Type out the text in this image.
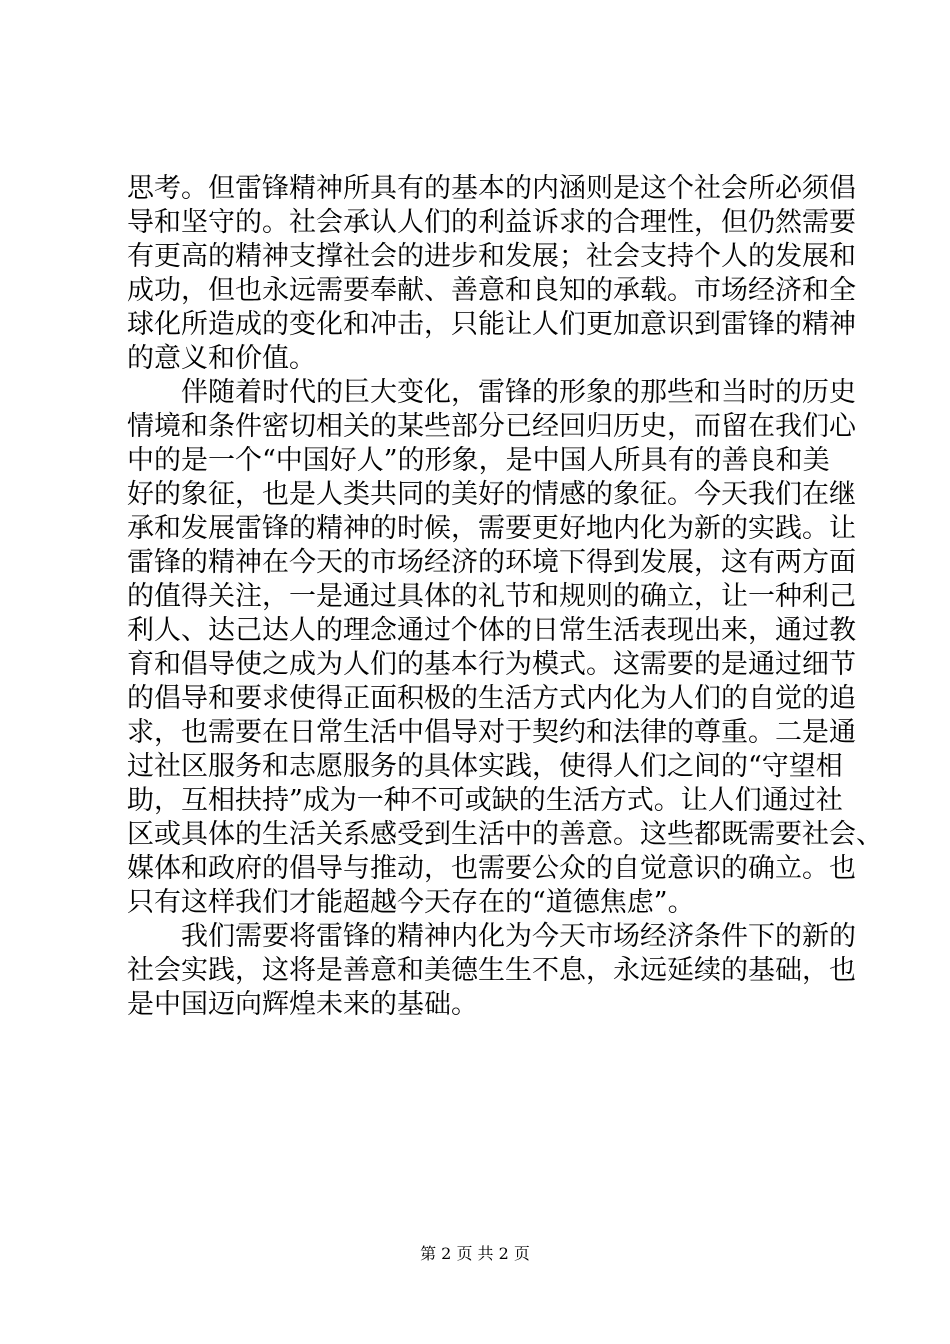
思考。但雷锋精神所具有的基本的内涵则是这个社会所必须倡
导和坚守的。社会承认人们的利益诉求的合理性，但仍然需要
有更高的精神支撑社会的进步和发展；社会支持个人的发展和
成功，但也永远需要奉献、善意和良知的承载。市场经济和全
球化所造成的变化和冲击，只能让人们更加意识到雷锋的精神
的意义和价值。
伴随着时代的巨大变化，雷锋的形象的那些和当时的历史
情境和条件密切相关的某些部分已经回归历史，而留在我们心
中的是一个“中国好人”的形象，是中国人所具有的善良和美
好的象征，也是人类共同的美好的情感的象征。今天我们在继
承和发展雷锋的精神的时候，需要更好地内化为新的实践。让
雷锋的精神在今天的市场经济的环境下得到发展，这有两方面
的值得关注，一是通过具体的礼节和规则的确立，让一种利己
利人、达己达人的理念通过个体的日常生活表现出来，通过教
育和倡导使之成为人们的基本行为模式。这需要的是通过细节
的倡导和要求使得正面积极的生活方式内化为人们的自觉的追
求，也需要在日常生活中倡导对于契约和法律的尊重。二是通
过社区服务和志愿服务的具体实践，使得人们之间的“守望相
助，互相扶持”成为一种不可或缺的生活方式。让人们通过社
区或具体的生活关系感受到生活中的善意。这些都既需要社会、
媒体和政府的倡导与推动，也需要公众的自觉意识的确立。也
只有这样我们才能超越今天存在的“道德焦虑”。
我们需要将雷锋的精神内化为今天市场经济条件下的新的
社会实践，这将是善意和美德生生不息，永远延续的基础，也
是中国迈向辉煌未来的基础。
第 2 页 共 2 页
